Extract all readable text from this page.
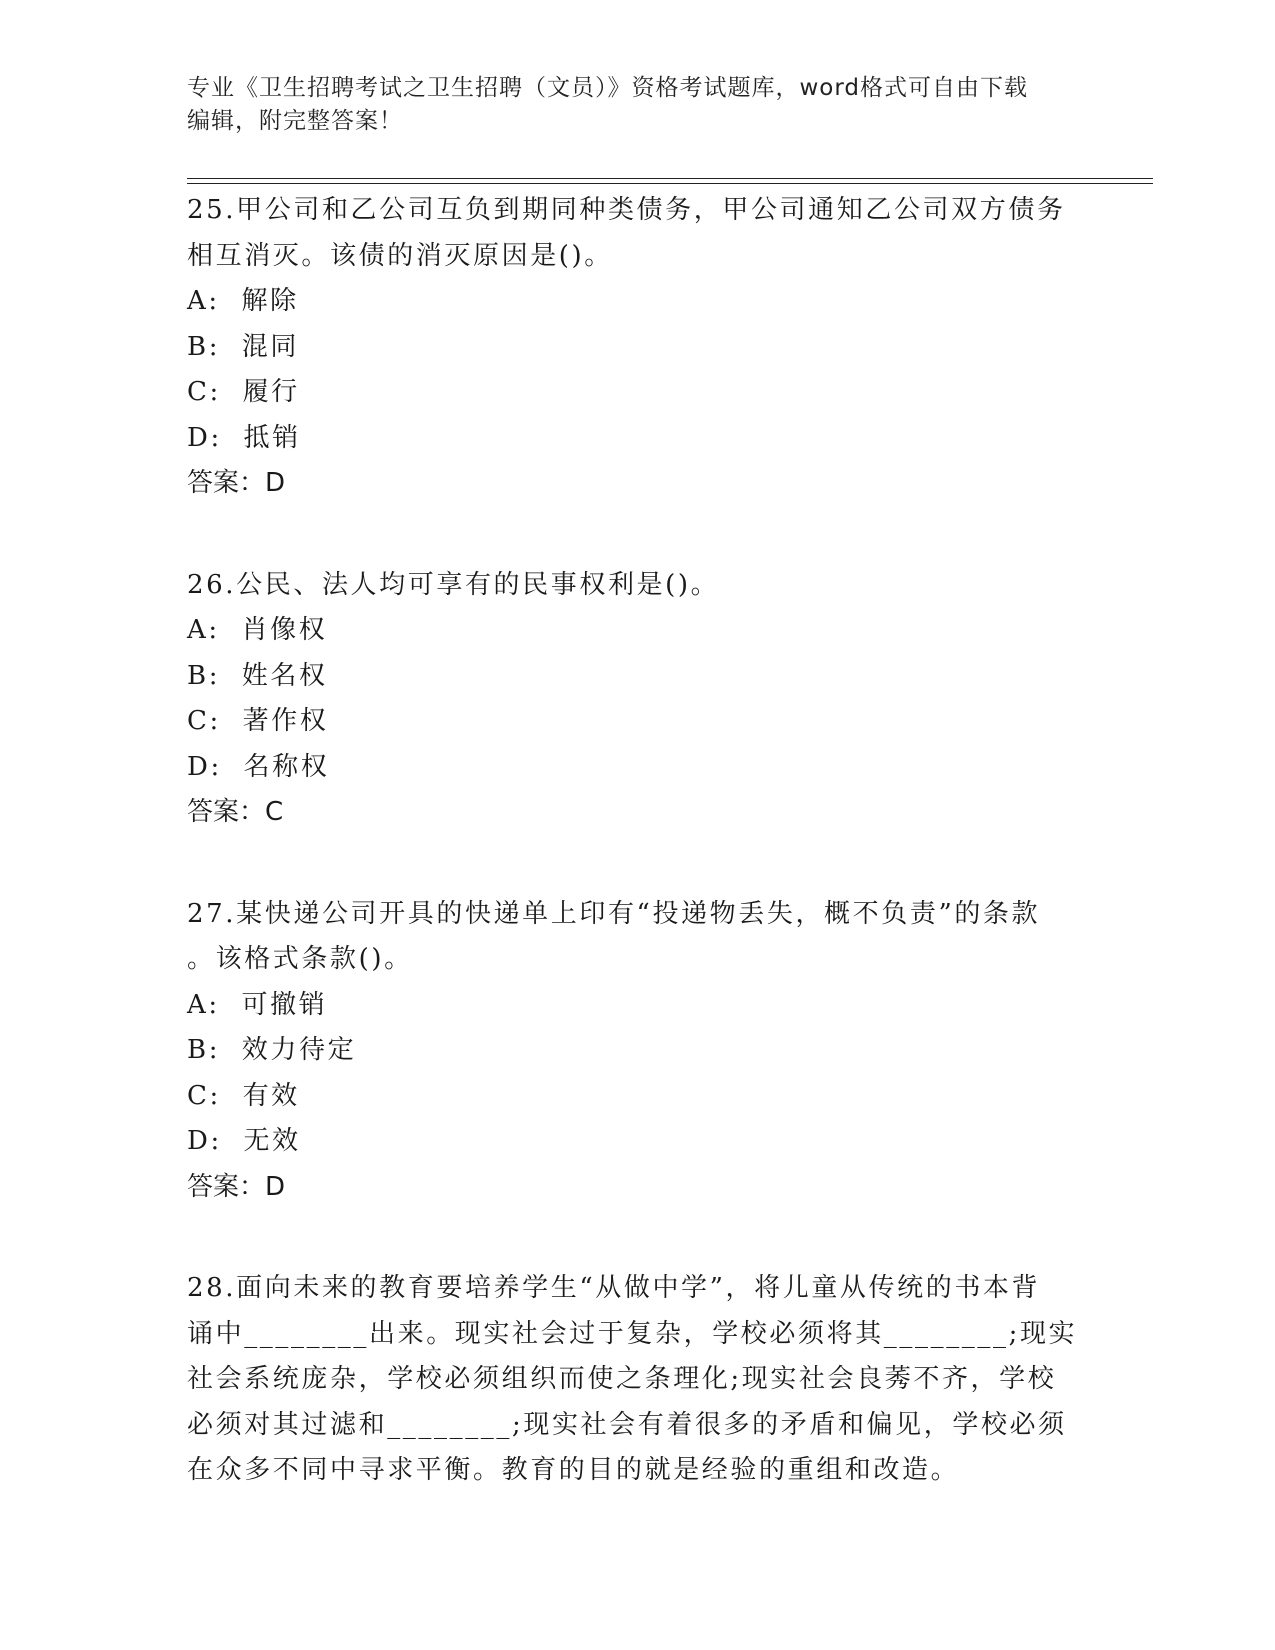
专业《卫生招聘考试之卫生招聘（文员）》资格考试题库，word格式可自由下载
编辑，附完整答案！
25.甲公司和乙公司互负到期同种类债务，甲公司通知乙公司双方债务
相互消灭。该债的消灭原因是()。
A:  解除
B:  混同
C:  履行
D:  抵销
答案：D
26.公民、法人均可享有的民事权利是()。
A:  肖像权
B:  姓名权
C:  著作权
D:  名称权
答案：C
27.某快递公司开具的快递单上印有“投递物丢失，概不负责”的条款
。该格式条款()。
A:  可撤销
B:  效力待定
C:  有效
D:  无效
答案：D
28.面向未来的教育要培养学生“从做中学”，将儿童从传统的书本背
诵中________出来。现实社会过于复杂，学校必须将其________;现实
社会系统庞杂，学校必须组织而使之条理化;现实社会良莠不齐，学校
必须对其过滤和________;现实社会有着很多的矛盾和偏见，学校必须
在众多不同中寻求平衡。教育的目的就是经验的重组和改造。
